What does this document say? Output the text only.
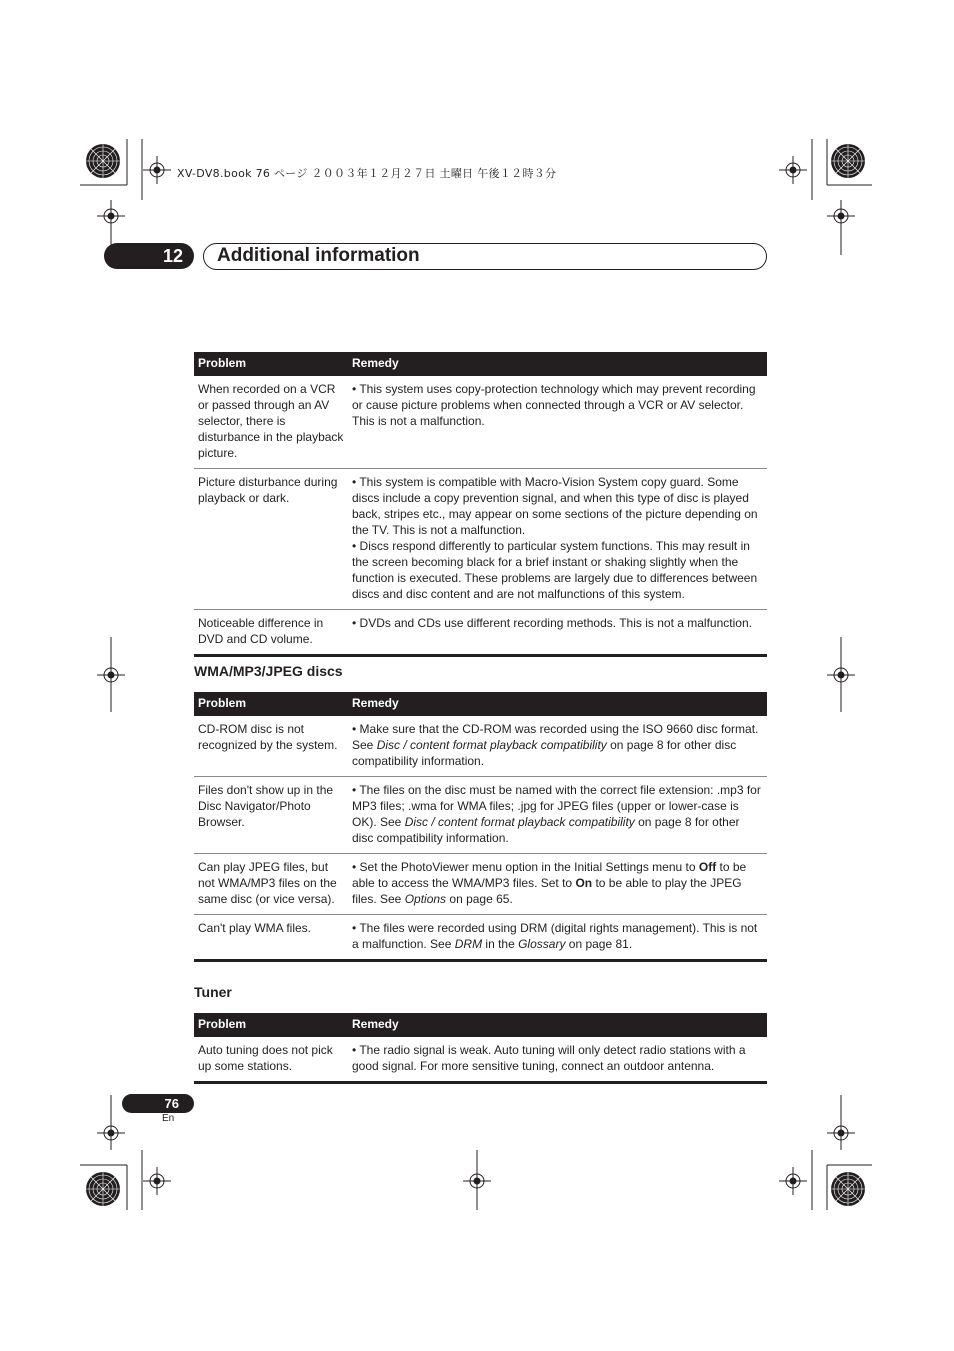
XV-DV8.book 76 ページ ２００３年１２月２７日 土曜日 午後１２時３分
12	Additional information
Problem	Remedy
When recorded on a VCR or passed through an AV selector, there is disturbance in the playback picture.	• This system uses copy-protection technology which may prevent recording or cause picture problems when connected through a VCR or AV selector. This is not a malfunction.

Picture disturbance during playback or dark.	• This system is compatible with Macro-Vision System copy guard. Some discs include a copy prevention signal, and when this type of disc is played back, stripes etc., may appear on some sections of the picture depending on the TV. This is not a malfunction.
• Discs respond differently to particular system functions. This may result in the screen becoming black for a brief instant or shaking slightly when the function is executed. These problems are largely due to differences between discs and disc content and are not malfunctions of this system.

Noticeable difference in DVD and CD volume.	• DVDs and CDs use different recording methods. This is not a malfunction.
WMA/MP3/JPEG discs
Problem	Remedy
CD-ROM disc is not recognized by the system.	• Make sure that the CD-ROM was recorded using the ISO 9660 disc format. See Disc / content format playback compatibility on page 8 for other disc compatibility information.
Files don't show up in the Disc Navigator/Photo Browser.	• The files on the disc must be named with the correct file extension: .mp3 for MP3 files; .wma for WMA files; .jpg for JPEG files (upper or lower-case is OK). See Disc / content format playback compatibility on page 8 for other disc compatibility information.
Can play JPEG files, but not WMA/MP3 files on the same disc (or vice versa).	• Set the PhotoViewer menu option in the Initial Settings menu to Off to be able to access the WMA/MP3 files. Set to On to be able to play the JPEG files. See Options on page 65.
Can't play WMA files.	• The files were recorded using DRM (digital rights management). This is not a malfunction. See DRM in the Glossary on page 81.
Tuner
Problem	Remedy
Auto tuning does not pick up some stations.	• The radio signal is weak. Auto tuning will only detect radio stations with a good signal. For more sensitive tuning, connect an outdoor antenna.
76
En
